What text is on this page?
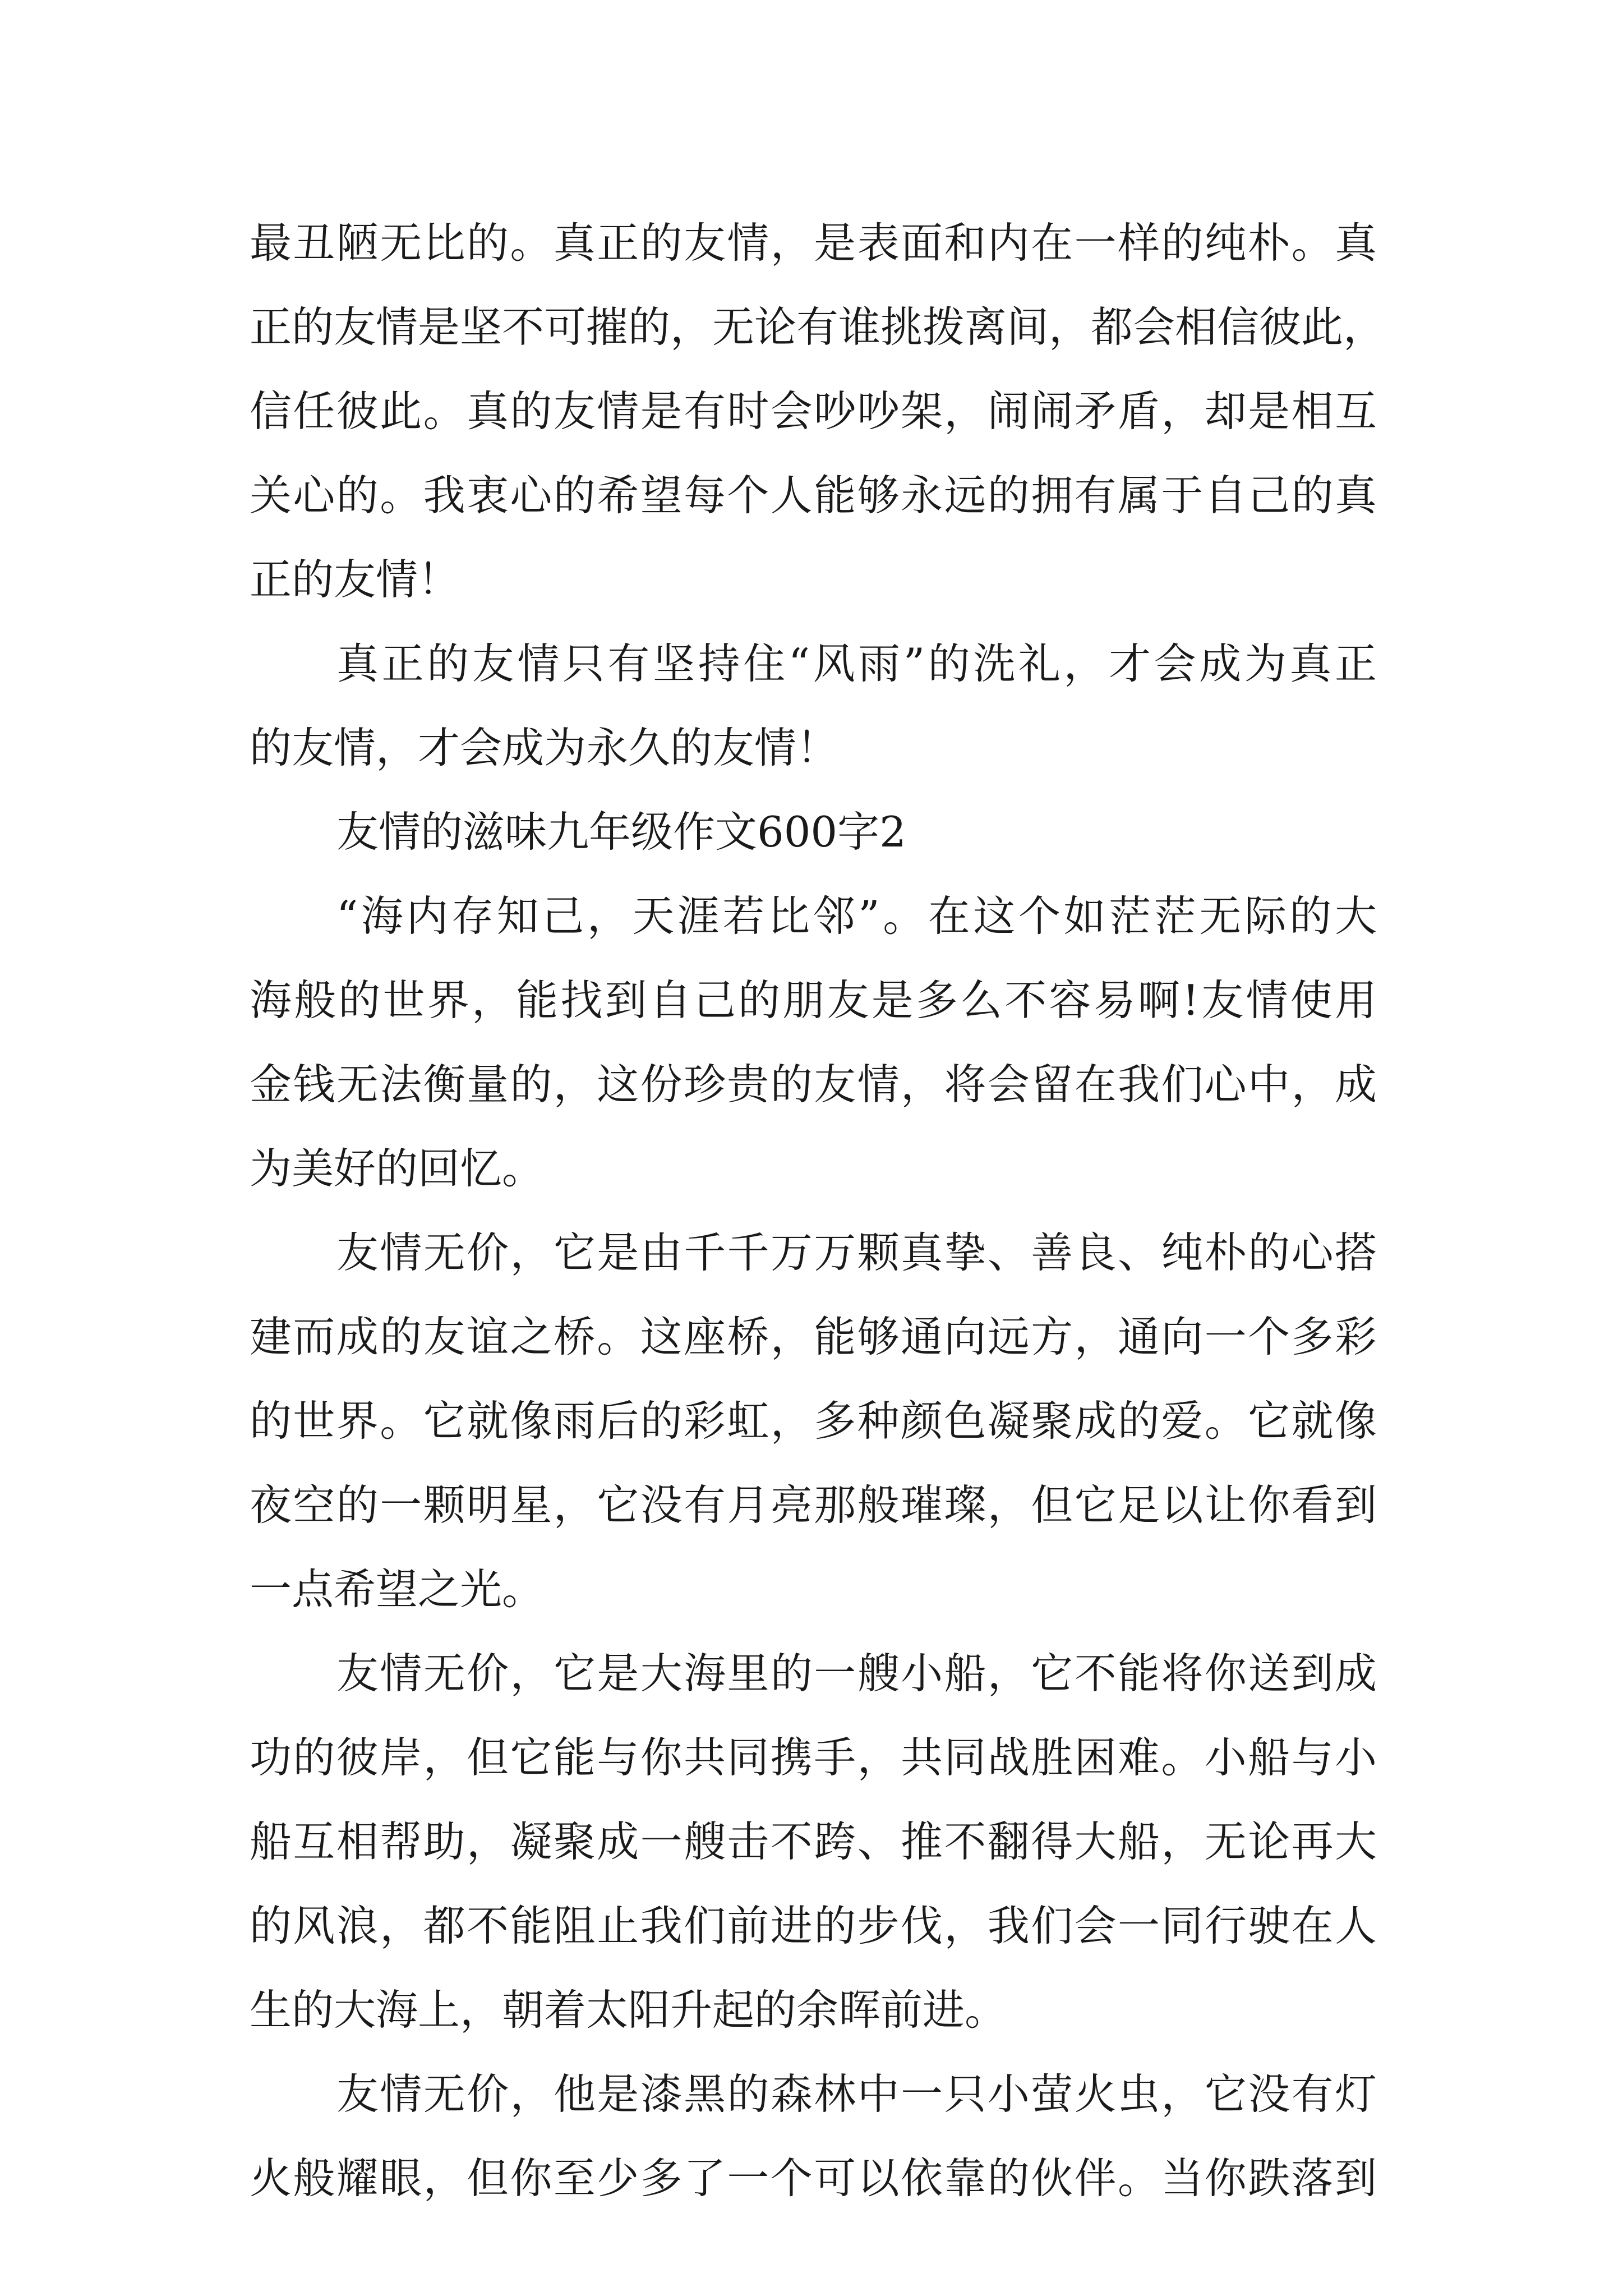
最丑陋无比的。真正的友情，是表面和内在一样的纯朴。真
正的友情是坚不可摧的，无论有谁挑拨离间，都会相信彼此，
信任彼此。真的友情是有时会吵吵架，闹闹矛盾，却是相互
关心的。我衷心的希望每个人能够永远的拥有属于自己的真
正的友情！
真正的友情只有坚持住“风雨”的洗礼，才会成为真正
的友情，才会成为永久的友情！
友情的滋味九年级作文600字2
“海内存知己，天涯若比邻”。在这个如茫茫无际的大
海般的世界，能找到自己的朋友是多么不容易啊!友情使用
金钱无法衡量的，这份珍贵的友情，将会留在我们心中，成
为美好的回忆。
友情无价，它是由千千万万颗真挚、善良、纯朴的心搭
建而成的友谊之桥。这座桥，能够通向远方，通向一个多彩
的世界。它就像雨后的彩虹，多种颜色凝聚成的爱。它就像
夜空的一颗明星，它没有月亮那般璀璨，但它足以让你看到
一点希望之光。
友情无价，它是大海里的一艘小船，它不能将你送到成
功的彼岸，但它能与你共同携手，共同战胜困难。小船与小
船互相帮助，凝聚成一艘击不跨、推不翻得大船，无论再大
的风浪，都不能阻止我们前进的步伐，我们会一同行驶在人
生的大海上，朝着太阳升起的余晖前进。
友情无价，他是漆黑的森林中一只小萤火虫，它没有灯
火般耀眼，但你至少多了一个可以依靠的伙伴。当你跌落到
